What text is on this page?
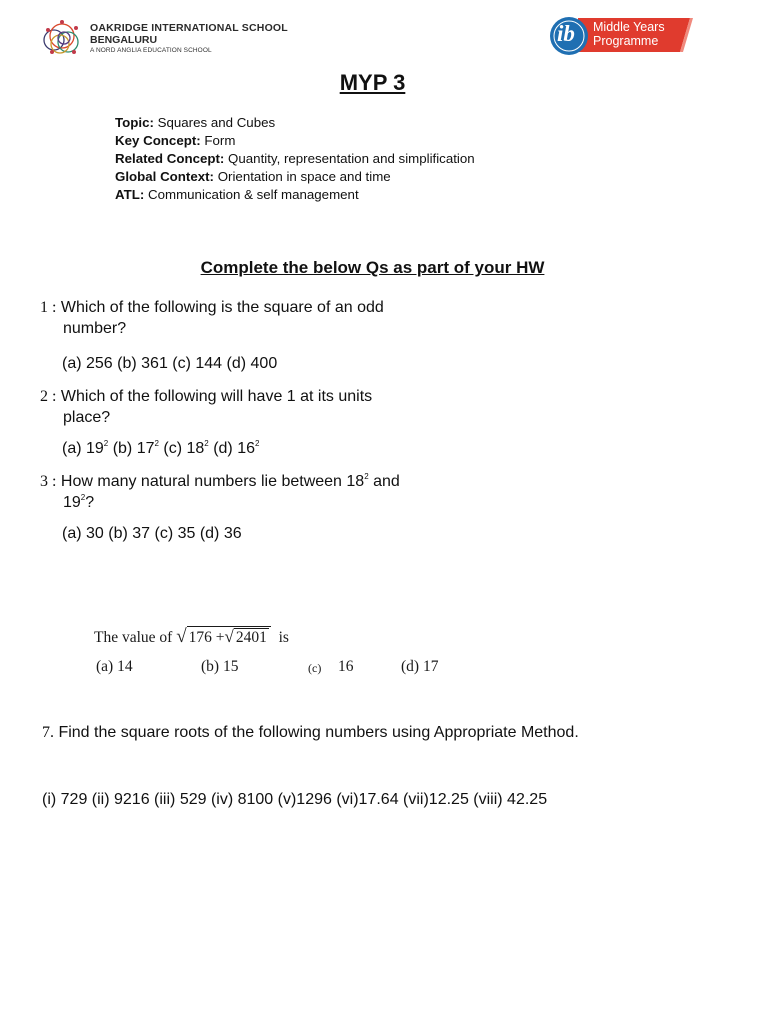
OAKRIDGE INTERNATIONAL SCHOOL
BENGALURU
A NORD ANGLIA EDUCATION SCHOOL
ib Middle Years
Programme
MYP 3
Topic: Squares and Cubes
Key Concept: Form
Related Concept: Quantity, representation and simplification
Global Context: Orientation in space and time
ATL: Communication & self management
Complete the below Qs as part of your HW
1 : Which of the following is the square of an odd
number?
(a) 256 (b) 361 (c) 144 (d) 400
2 : Which of the following will have 1 at its units
place?
(a) $19^2$ (b) $17^2$ (c) $18^2$ (d) $16^2$
3 : How many natural numbers lie between $18^2$ and
$19^2$?
(a) 30 (b) 37 (c) 35 (d) 36
The value of √ 176 +√ 2401 is
(a) 14	(b) 15	(c) 16	(d) 17
7. Find the square roots of the following numbers using Appropriate Method.
(i) 729 (ii) 9216 (iii) 529 (iv) 8100 (v)1296 (vi)17.64 (vii)12.25 (viii) 42.25
